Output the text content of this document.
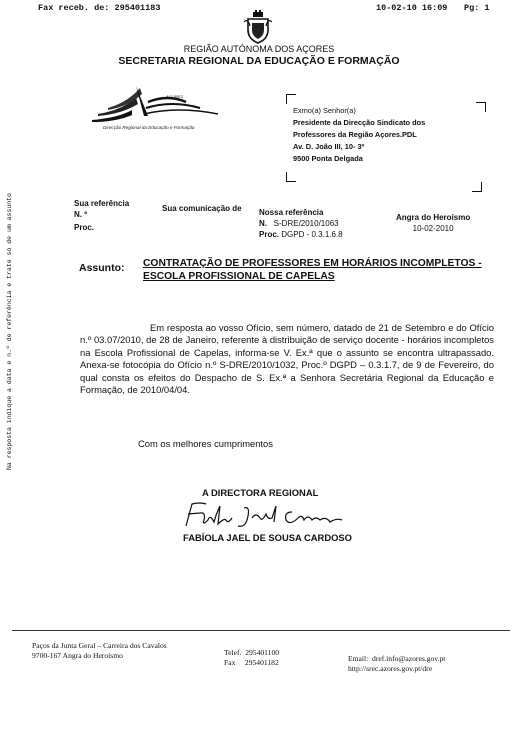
Fax receb. de: 295401183	10-02-10 16:09 Pg: 1
REGIÃO AUTÓNOMA DOS AÇORES
SECRETARIA REGIONAL DA EDUCAÇÃO E FORMAÇÃO
AÇORES
Direcção Regional da Educação e Formação
Exmo(a) Senhor(a)
Presidente da Direcção Sindicato dos
Professores da Região Açores.PDL
Av. D. João III, 10- 3º
9500 Ponta Delgada
Sua referência
N. º
Proc.
Sua comunicação de Nossa referência
N. S-DRE/2010/1063
Proc. DGPD - 0.3.1.6.8
Angra do Heroísmo
10-02-2010
Assunto: CONTRATAÇÃO DE PROFESSORES EM HORÁRIOS INCOMPLETOS -
ESCOLA PROFISSIONAL DE CAPELAS
Em resposta ao vosso Ofício, sem número, datado de 21 de Setembro e do Ofício n.º 03.07/2010, de 28 de Janeiro, referente à distribuição de serviço docente - horários incompletos na Escola Profissional de Capelas, informa-se V. Ex.ª que o assunto se encontra ultrapassado. Anexa-se fotocópia do Ofício n.º S-DRE/2010/1032, Proc.º DGPD – 0.3.1.7, de 9 de Fevereiro, do qual consta os efeitos do Despacho de S. Ex.ª a Senhora Secretária Regional da Educação e Formação, de 2010/04/04.
Com os melhores cumprimentos
A DIRECTORA REGIONAL
FABÍOLA JAEL DE SOUSA CARDOSO
Na resposta indique a data e n.º de referência e trate só de um assunto
Paços da Junta Geral – Carreira dos Cavalos
9700-167 Angra do Heroísmo	Telef. 295401100
Fax 295401182	Email: dref.info@azores.gov.pt
http://srec.azores.gov.pt/dre
